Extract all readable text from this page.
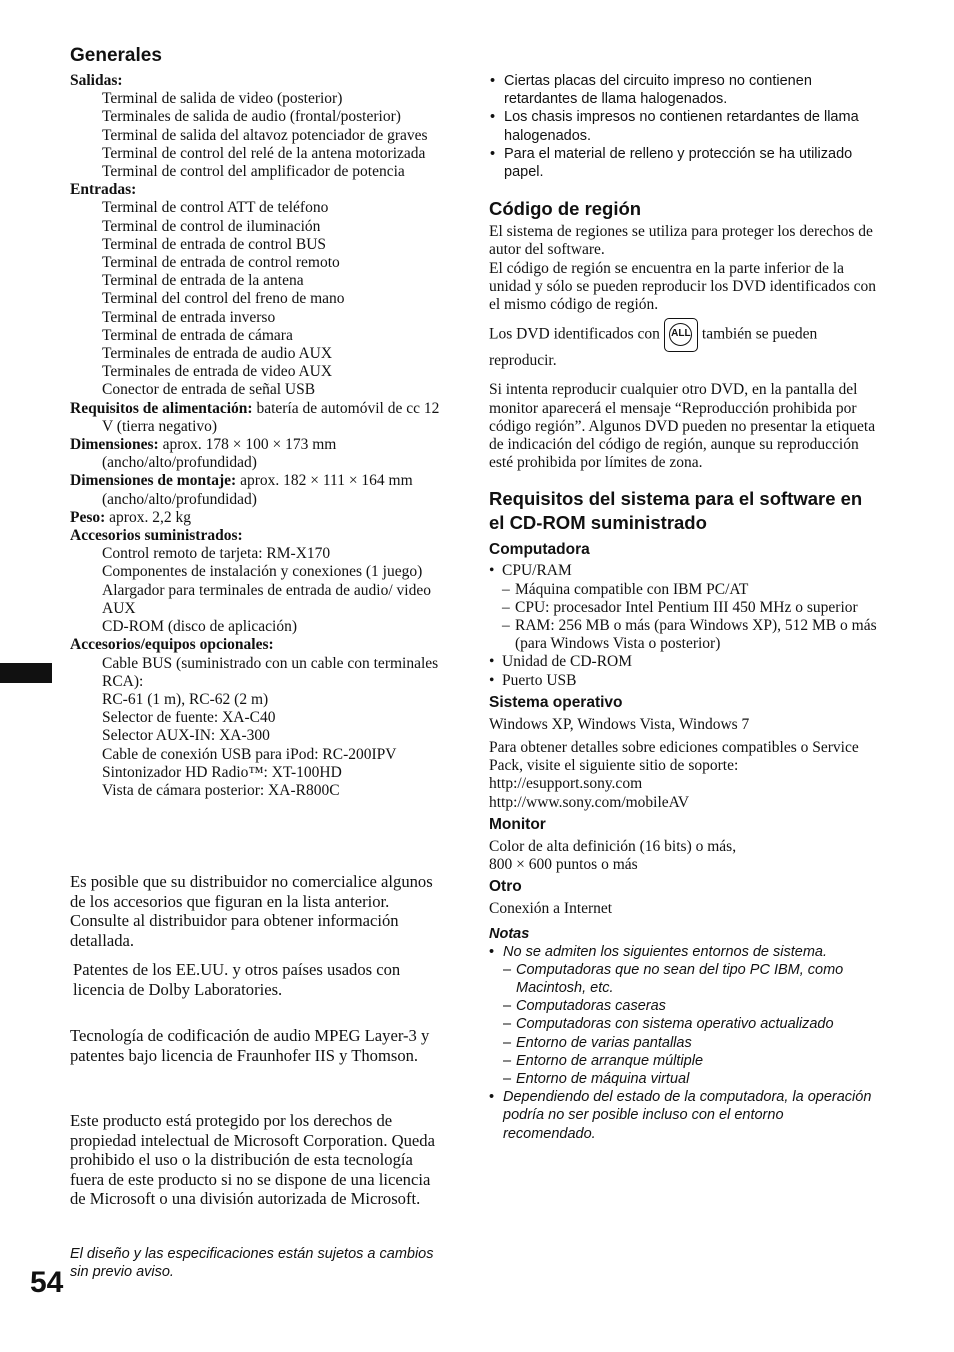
Generales
Salidas:
Terminal de salida de video (posterior)
Terminales de salida de audio (frontal/posterior)
Terminal de salida del altavoz potenciador de graves
Terminal de control del relé de la antena motorizada
Terminal de control del amplificador de potencia
Entradas:
Terminal de control ATT de teléfono
Terminal de control de iluminación
Terminal de entrada de control BUS
Terminal de entrada de control remoto
Terminal de entrada de la antena
Terminal del control del freno de mano
Terminal de entrada inverso
Terminal de entrada de cámara
Terminales de entrada de audio AUX
Terminales de entrada de video AUX
Conector de entrada de señal USB
Requisitos de alimentación: batería de automóvil de cc 12 V (tierra negativo)
Dimensiones: aprox. 178 × 100 × 173 mm (ancho/alto/profundidad)
Dimensiones de montaje: aprox. 182 × 111 × 164 mm (ancho/alto/profundidad)
Peso: aprox. 2,2 kg
Accesorios suministrados:
Control remoto de tarjeta: RM-X170
Componentes de instalación y conexiones (1 juego)
Alargador para terminales de entrada de audio/ video AUX
CD-ROM (disco de aplicación)
Accesorios/equipos opcionales:
Cable BUS (suministrado con un cable con terminales RCA):
RC-61 (1 m), RC-62 (2 m)
Selector de fuente: XA-C40
Selector AUX-IN: XA-300
Cable de conexión USB para iPod: RC-200IPV
Sintonizador HD Radio™: XT-100HD
Vista de cámara posterior: XA-R800C
Es posible que su distribuidor no comercialice algunos de los accesorios que figuran en la lista anterior. Consulte al distribuidor para obtener información detallada.
Patentes de los EE.UU. y otros países usados con licencia de Dolby Laboratories.
Tecnología de codificación de audio MPEG Layer-3 y patentes bajo licencia de Fraunhofer IIS y Thomson.
Este producto está protegido por los derechos de propiedad intelectual de Microsoft Corporation. Queda prohibido el uso o la distribución de esta tecnología fuera de este producto si no se dispone de una licencia de Microsoft o una división autorizada de Microsoft.
El diseño y las especificaciones están sujetos a cambios sin previo aviso.
54
• Ciertas placas del circuito impreso no contienen retardantes de llama halogenados.
• Los chasis impresos no contienen retardantes de llama halogenados.
• Para el material de relleno y protección se ha utilizado papel.
Código de región
El sistema de regiones se utiliza para proteger los derechos de autor del software.
El código de región se encuentra en la parte inferior de la unidad y sólo se pueden reproducir los DVD identificados con el mismo código de región.
Los DVD identificados con	ALL también se pueden reproducir.
Si intenta reproducir cualquier otro DVD, en la pantalla del monitor aparecerá el mensaje “Reproducción prohibida por código región”. Algunos DVD pueden no presentar la etiqueta de indicación del código de región, aunque su reproducción esté prohibida por límites de zona.
Requisitos del sistema para el software en el CD-ROM suministrado
Computadora
• CPU/RAM
– Máquina compatible con IBM PC/AT
– CPU: procesador Intel Pentium III 450 MHz o superior
– RAM: 256 MB o más (para Windows XP), 512 MB o más (para Windows Vista o posterior)
• Unidad de CD-ROM
• Puerto USB
Sistema operativo
Windows XP, Windows Vista, Windows 7
Para obtener detalles sobre ediciones compatibles o Service Pack, visite el siguiente sitio de soporte:
http://esupport.sony.com
http://www.sony.com/mobileAV
Monitor
Color de alta definición (16 bits) o más,
800 × 600 puntos o más
Otro
Conexión a Internet
Notas
• No se admiten los siguientes entornos de sistema.
– Computadoras que no sean del tipo PC IBM, como Macintosh, etc.
– Computadoras caseras
– Computadoras con sistema operativo actualizado
– Entorno de varias pantallas
– Entorno de arranque múltiple
– Entorno de máquina virtual
• Dependiendo del estado de la computadora, la operación podría no ser posible incluso con el entorno recomendado.
